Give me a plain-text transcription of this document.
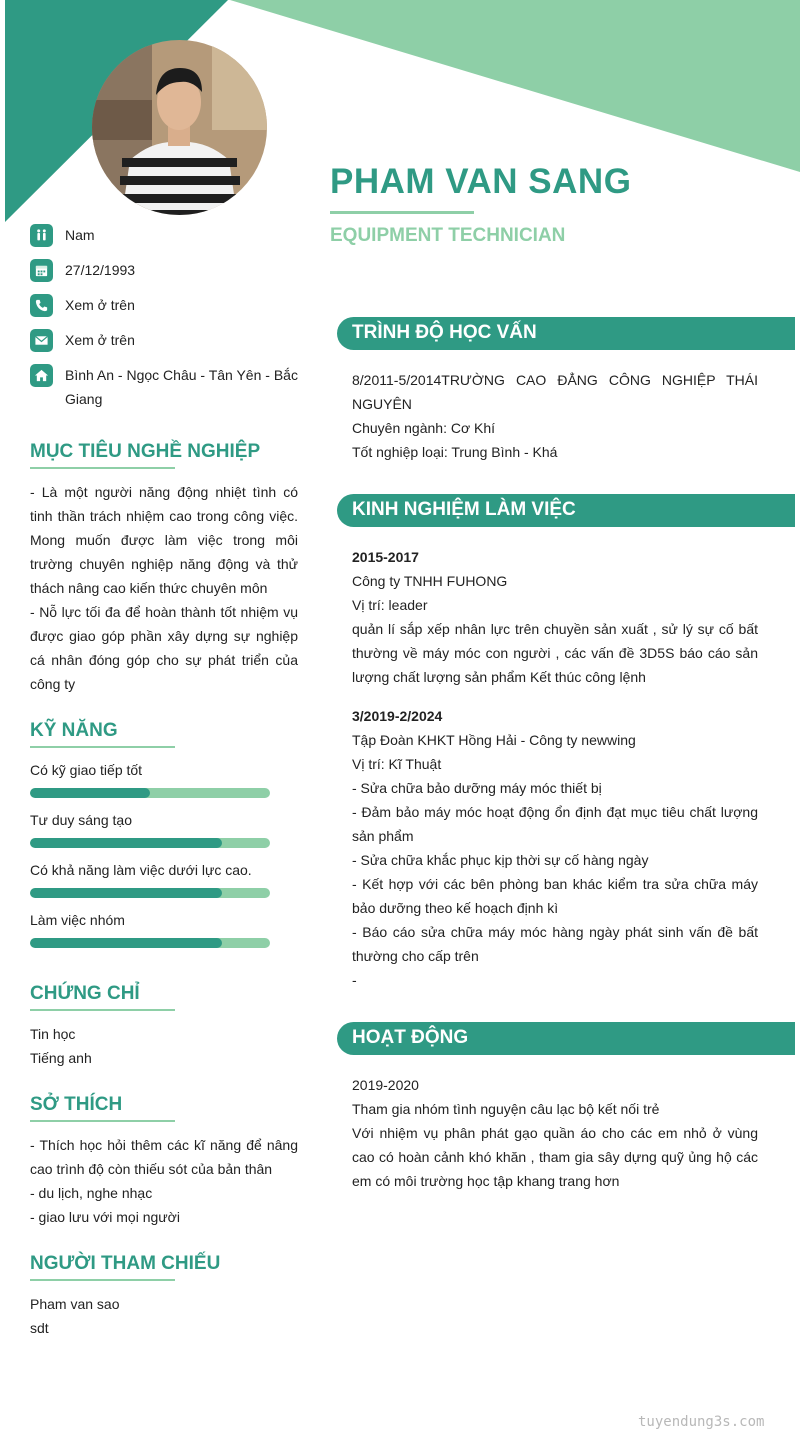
PHAM VAN SANG
EQUIPMENT TECHNICIAN
Nam
27/12/1993
Xem ở trên
Xem ở trên
Bình An - Ngọc Châu - Tân Yên - Bắc Giang
MỤC TIÊU NGHỀ NGHIỆP
- Là một người năng động nhiệt tình có tinh thần trách nhiệm cao trong công việc. Mong muốn được làm việc trong môi trường chuyên nghiệp năng động và thử thách nâng cao kiến thức chuyên môn
- Nỗ lực tối đa để hoàn thành tốt nhiệm vụ được giao góp phần xây dựng sự nghiệp cá nhân đóng góp cho sự phát triển của công ty
KỸ NĂNG
Có kỹ giao tiếp tốt
Tư duy sáng tạo
Có khả năng làm việc dưới lực cao.
Làm việc nhóm
CHỨNG CHỈ
Tin học
Tiếng anh
SỞ THÍCH
- Thích học hỏi thêm các kĩ năng để nâng cao trình độ còn thiếu sót của bản thân
- du lịch, nghe nhạc
- giao lưu với mọi người
NGƯỜI THAM CHIẾU
Pham van sao
sdt
TRÌNH ĐỘ HỌC VẤN
8/2011-5/2014TRƯỜNG CAO ĐẲNG CÔNG NGHIỆP THÁI NGUYÊN
Chuyên ngành: Cơ Khí
Tốt nghiệp loại: Trung Bình - Khá
KINH NGHIỆM LÀM VIỆC
2015-2017
Công ty TNHH FUHONG
Vị trí: leader
quản lí sắp xếp nhân lực trên chuyền sản xuất , sử lý sự cố bất thường về máy móc con người , các vấn đề 3D5S báo cáo sản lượng chất lượng sản phẩm Kết thúc công lệnh
3/2019-2/2024
Tập Đoàn KHKT Hồng Hải - Công ty newwing
Vị trí: Kĩ Thuật
- Sửa chữa bảo dưỡng máy móc thiết bị
- Đảm bảo máy móc hoạt động ổn định đạt mục tiêu chất lượng sản phẩm
- Sửa chữa khắc phục kịp thời sự cố hàng ngày
- Kết hợp với các bên phòng ban khác kiểm tra sửa chữa máy bảo dưỡng theo kế hoạch định kì
- Báo cáo sửa chữa máy móc hàng ngày phát sinh vấn đề bất thường cho cấp trên
-
HOẠT ĐỘNG
2019-2020
Tham gia nhóm tình nguyện câu lạc bộ kết nối trẻ
Với nhiệm vụ phân phát gạo quần áo cho các em nhỏ ở vùng cao có hoàn cảnh khó khăn , tham gia sây dựng quỹ ủng hộ các em có môi trường học tập khang trang hơn
tuyendung3s.com
